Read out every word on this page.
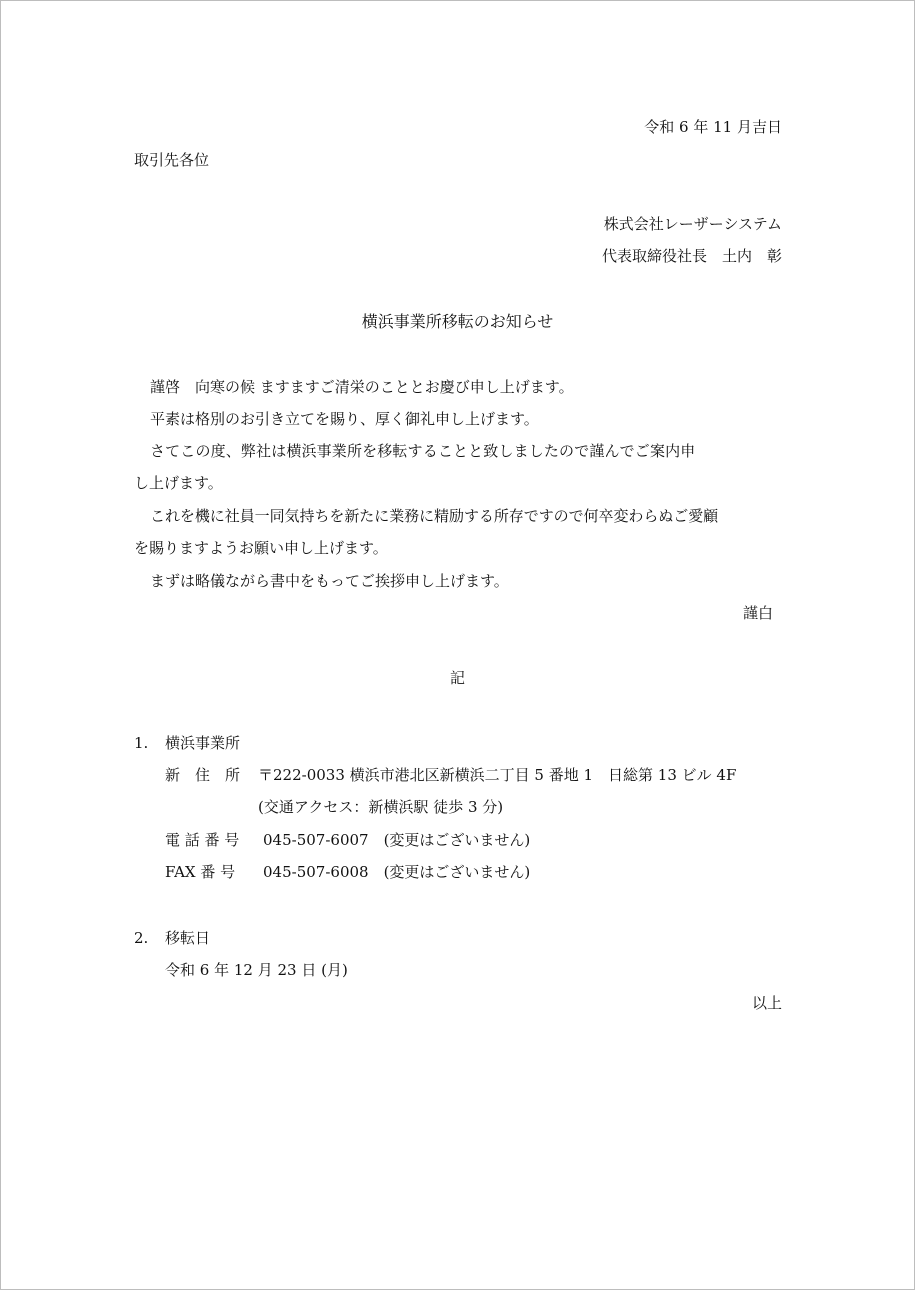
令和 6 年 11 月吉日
取引先各位
株式会社レーザーシステム
代表取締役社長　土内　彰
横浜事業所移転のお知らせ
謹啓　向寒の候 ますますご清栄のこととお慶び申し上げます。
平素は格別のお引き立てを賜り、厚く御礼申し上げます。
さてこの度、弊社は横浜事業所を移転することと致しましたので謹んでご案内申
し上げます。
これを機に社員一同気持ちを新たに業務に精励する所存ですので何卒変わらぬご愛顧
を賜りますようお願い申し上げます。
まずは略儀ながら書中をもってご挨拶申し上げます。
謹白
記
1. 横浜事業所
新　住　所 〒222-0033 横浜市港北区新横浜二丁目 5 番地 1　日総第 13 ビル 4F
(交通アクセス：新横浜駅 徒歩 3 分)
電 話 番 号 045-507-6007　(変更はございません)
FAX 番 号 045-507-6008　(変更はございません)
2. 移転日
令和 6 年 12 月 23 日 (月)
以上
